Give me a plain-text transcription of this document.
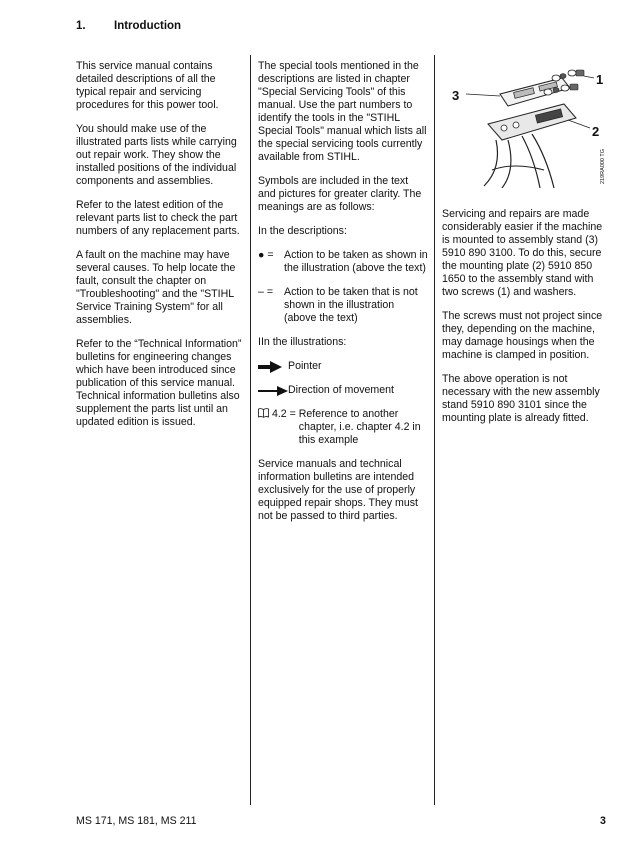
1. Introduction

This service manual contains detailed descriptions of all the typical repair and servicing procedures for this power tool.

You should make use of the illustrated parts lists while carrying out repair work. They show the installed positions of the individual components and assemblies.

Refer to the latest edition of the relevant parts list to check the part numbers of any replacement parts.

A fault on the machine may have several causes. To help locate the fault, consult the chapter on "Troubleshooting" and the "STIHL Service Training System" for all assemblies.

Refer to the “Technical Information” bulletins for engineering changes which have been introduced since publication of this service manual. Technical information bulletins also supplement the parts list until an updated edition is issued.

The special tools mentioned in the descriptions are listed in chapter "Special Servicing Tools" of this manual. Use the part numbers to identify the tools in the "STIHL Special Tools" manual which lists all the special servicing tools currently available from STIHL.

Symbols are included in the text and pictures for greater clarity. The meanings are as follows:

In the descriptions:

● = Action to be taken as shown in the illustration (above the text)
– =	Action to be taken that is not shown in the illustration (above the text)

IIn the illustrations:

Pointer
Direction of movement
4.2 = Reference to another chapter, i.e. chapter 4.2 in this example

Service manuals and technical information bulletins are intended exclusively for the use of properly equipped repair shops. They must not be passed to third parties.

1
2
3
219RA000 TG

Servicing and repairs are made considerably easier if the machine is mounted to assembly stand (3) 5910 890 3100. To do this, secure the mounting plate (2) 5910 850 1650 to the assembly stand with two screws (1) and washers.

The screws must not project since they, depending on the machine, may damage housings when the machine is clamped in position.

The above operation is not necessary with the new assembly stand 5910 890 3101 since the mounting plate is already fitted.

MS 171, MS 181, MS 211	3
